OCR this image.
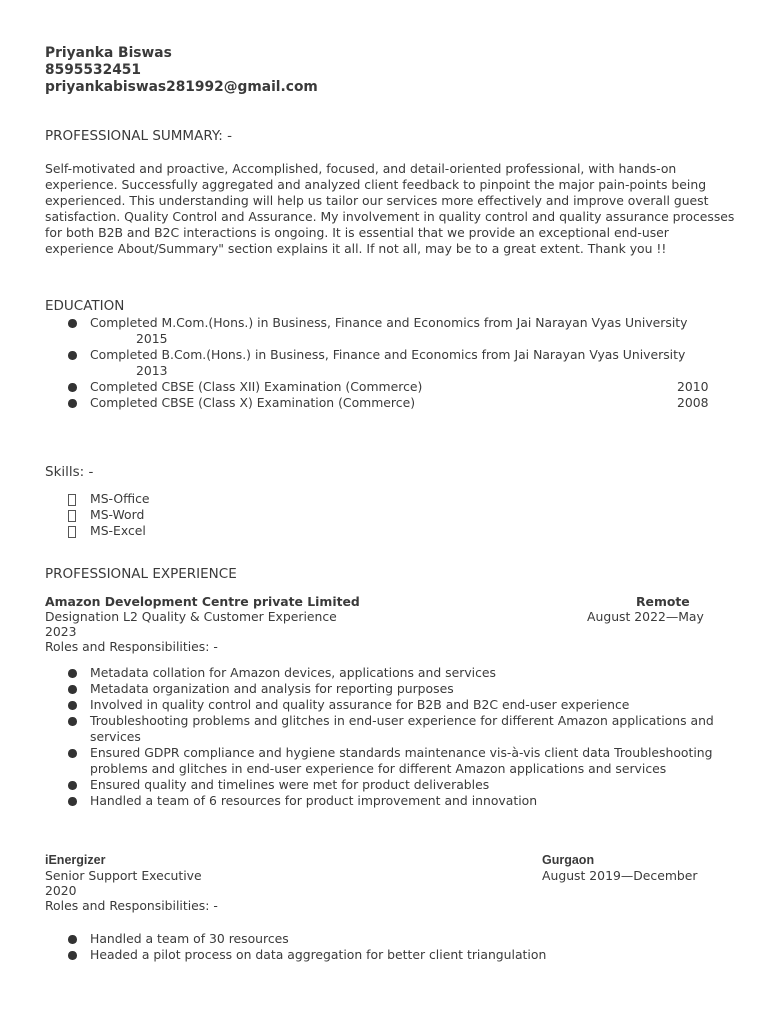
Priyanka Biswas
8595532451
priyankabiswas281992@gmail.com
PROFESSIONAL SUMMARY: -
Self-motivated and proactive, Accomplished, focused, and detail-oriented professional, with hands-on experience. Successfully aggregated and analyzed client feedback to pinpoint the major pain-points being experienced. This understanding will help us tailor our services more effectively and improve overall guest satisfaction. Quality Control and Assurance. My involvement in quality control and quality assurance processes for both B2B and B2C interactions is ongoing. It is essential that we provide an exceptional end-user experience About/Summary" section explains it all. If not all, may be to a great extent. Thank you !!
EDUCATION
Completed M.Com.(Hons.) in Business, Finance and Economics from Jai Narayan Vyas University
2015
Completed B.Com.(Hons.) in Business, Finance and Economics from Jai Narayan Vyas University
2013
Completed CBSE (Class XII) Examination (Commerce)	2010
Completed CBSE (Class X) Examination (Commerce)	2008
Skills: -
MS-Office
MS-Word
MS-Excel
PROFESSIONAL EXPERIENCE
Amazon Development Centre private Limited	Remote
Designation L2 Quality & Customer Experience	August 2022—May
2023
Roles and Responsibilities: -
Metadata collation for Amazon devices, applications and services
Metadata organization and analysis for reporting purposes
Involved in quality control and quality assurance for B2B and B2C end-user experience
Troubleshooting problems and glitches in end-user experience for different Amazon applications and services
Ensured GDPR compliance and hygiene standards maintenance vis-à-vis client data Troubleshooting problems and glitches in end-user experience for different Amazon applications and services
Ensured quality and timelines were met for product deliverables
Handled a team of 6 resources for product improvement and innovation
iEnergizer	Gurgaon
Senior Support Executive	August 2019—December
2020
Roles and Responsibilities: -
Handled a team of 30 resources
Headed a pilot process on data aggregation for better client triangulation
